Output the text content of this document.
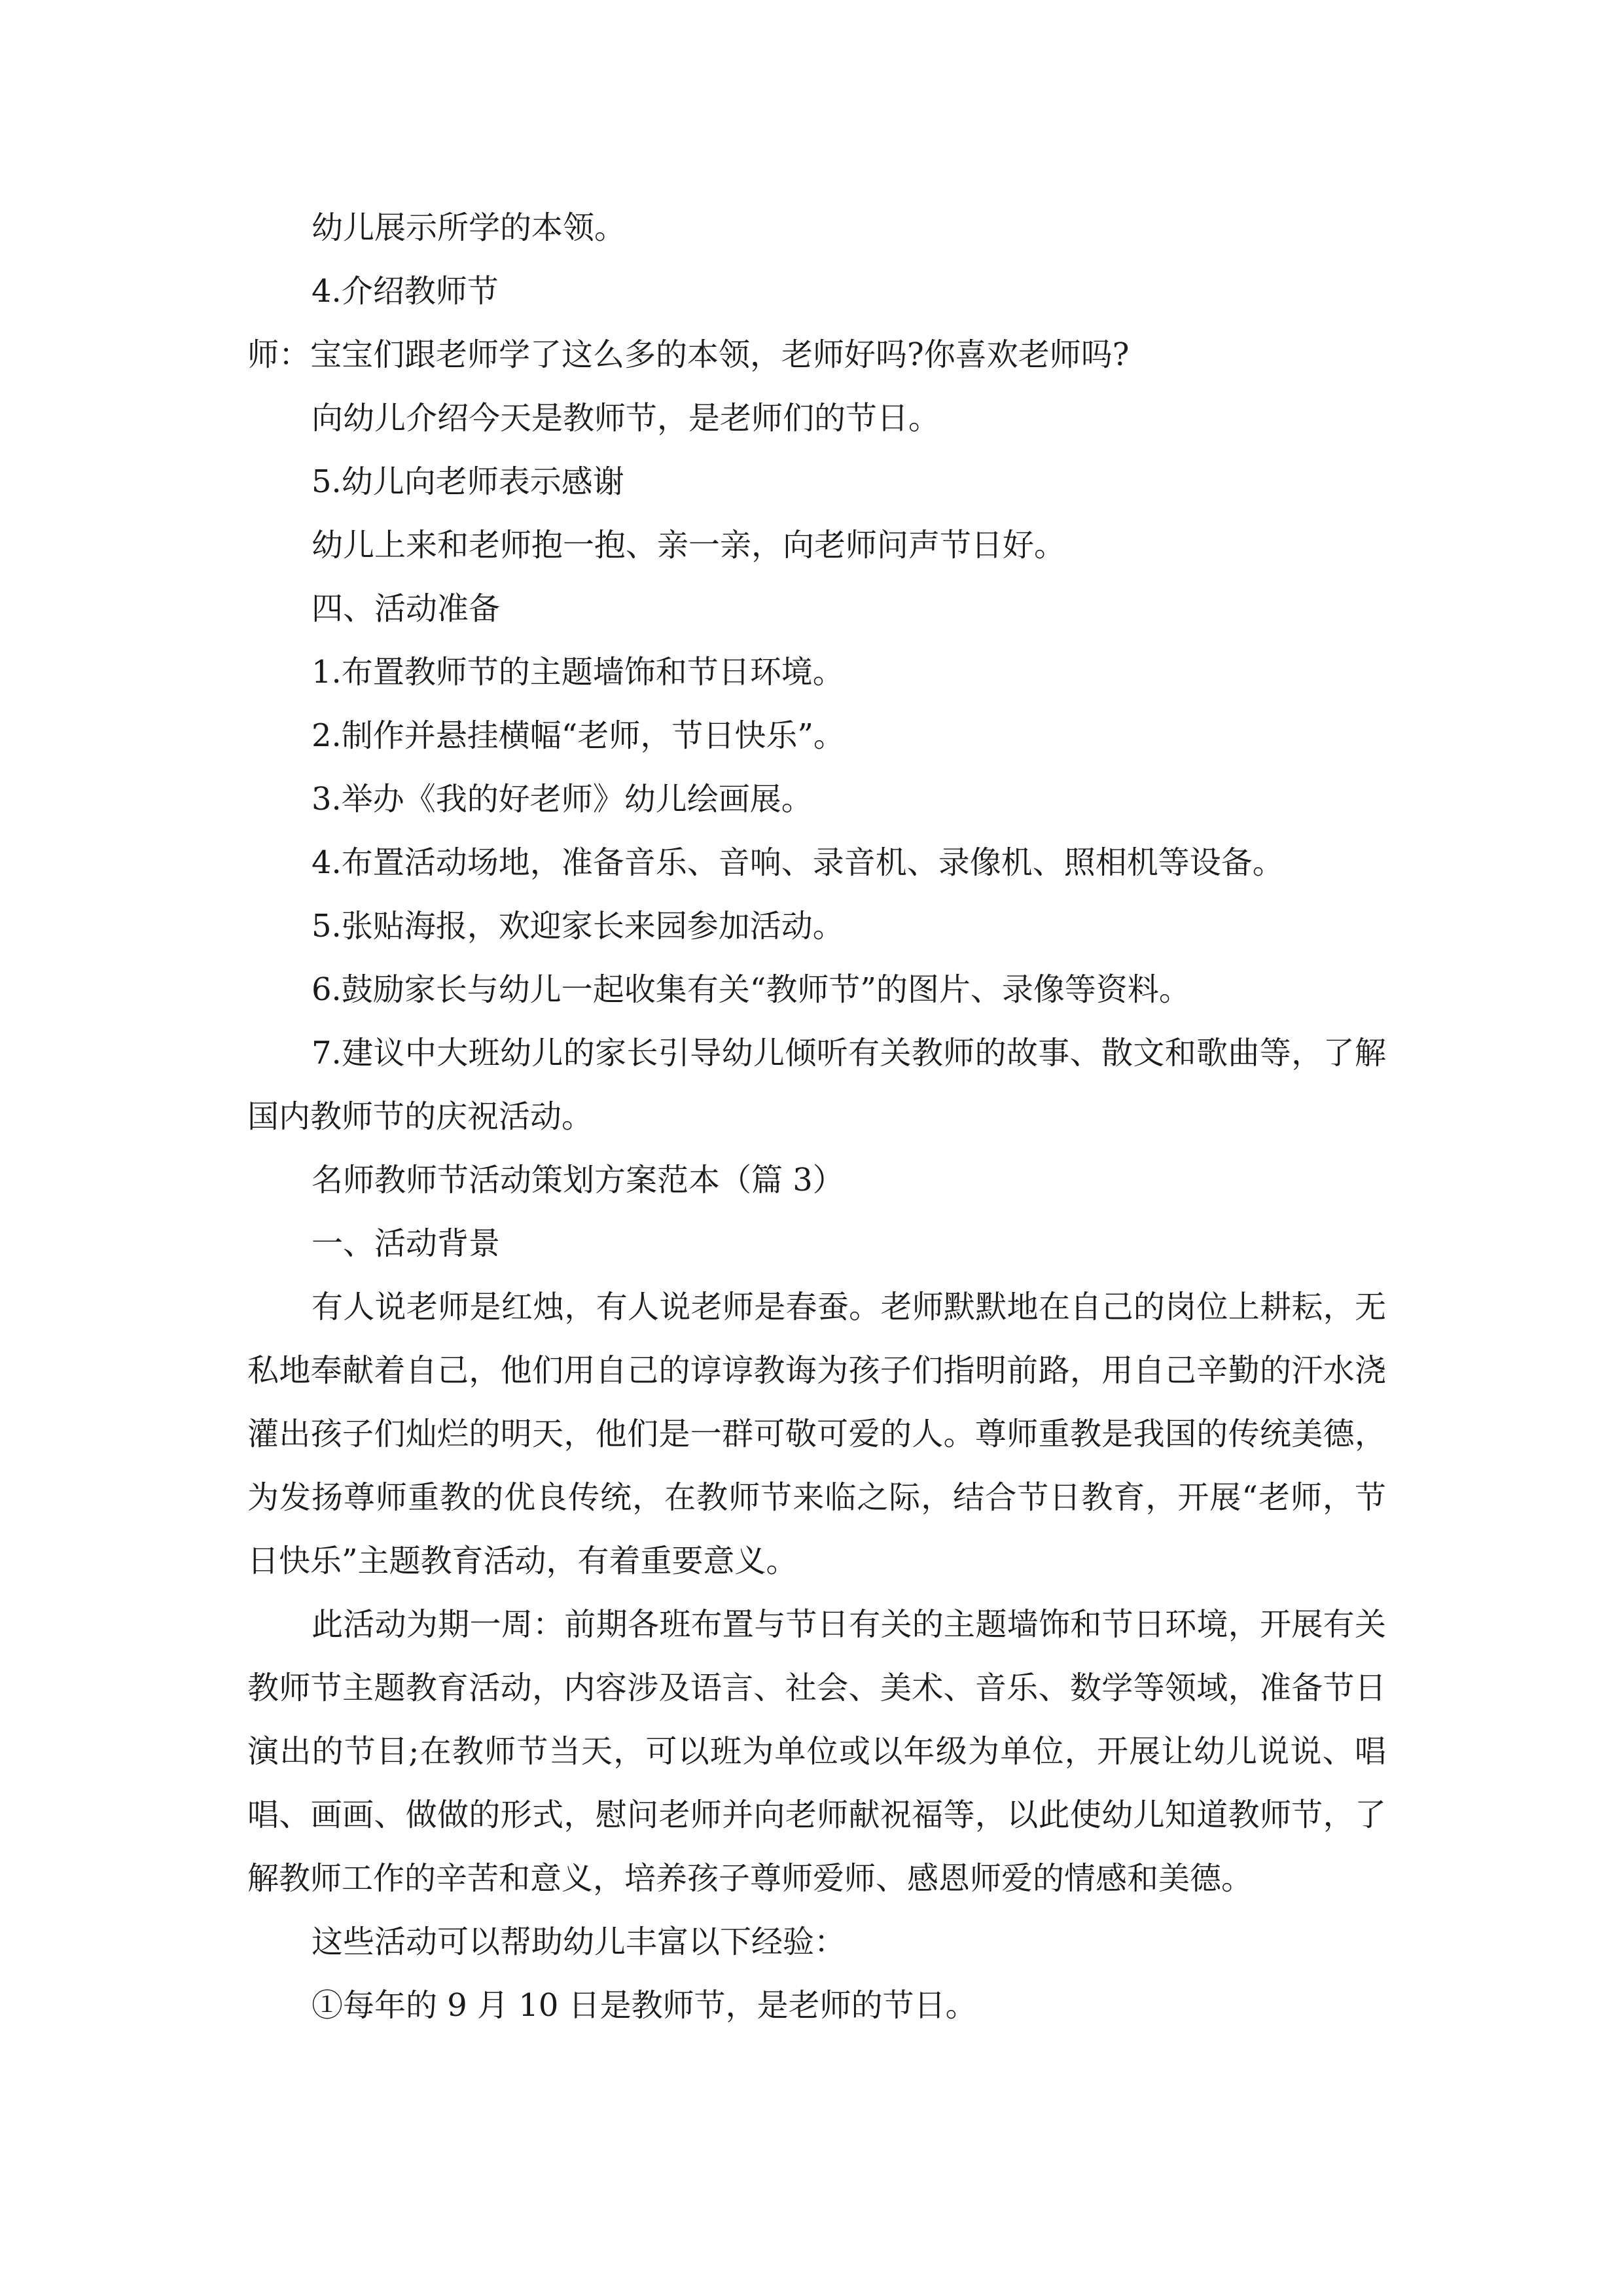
幼儿展示所学的本领。

4.介绍教师节

师：宝宝们跟老师学了这么多的本领，老师好吗?你喜欢老师吗?

向幼儿介绍今天是教师节，是老师们的节日。

5.幼儿向老师表示感谢

幼儿上来和老师抱一抱、亲一亲，向老师问声节日好。

四、活动准备

1.布置教师节的主题墙饰和节日环境。

2.制作并悬挂横幅“老师，节日快乐”。

3.举办《我的好老师》幼儿绘画展。

4.布置活动场地，准备音乐、音响、录音机、录像机、照相机等设备。

5.张贴海报，欢迎家长来园参加活动。

6.鼓励家长与幼儿一起收集有关“教师节”的图片、录像等资料。

7.建议中大班幼儿的家长引导幼儿倾听有关教师的故事、散文和歌曲等，了解国内教师节的庆祝活动。

名师教师节活动策划方案范本（篇 3）

一、活动背景

有人说老师是红烛，有人说老师是春蚕。老师默默地在自己的岗位上耕耘，无私地奉献着自己，他们用自己的谆谆教诲为孩子们指明前路，用自己辛勤的汗水浇灌出孩子们灿烂的明天，他们是一群可敬可爱的人。尊师重教是我国的传统美德，为发扬尊师重教的优良传统，在教师节来临之际，结合节日教育，开展“老师，节日快乐”主题教育活动，有着重要意义。

此活动为期一周：前期各班布置与节日有关的主题墙饰和节日环境，开展有关教师节主题教育活动，内容涉及语言、社会、美术、音乐、数学等领域，准备节日演出的节目;在教师节当天，可以班为单位或以年级为单位，开展让幼儿说说、唱唱、画画、做做的形式，慰问老师并向老师献祝福等，以此使幼儿知道教师节，了解教师工作的辛苦和意义，培养孩子尊师爱师、感恩师爱的情感和美德。

这些活动可以帮助幼儿丰富以下经验：

①每年的 9 月 10 日是教师节，是老师的节日。
